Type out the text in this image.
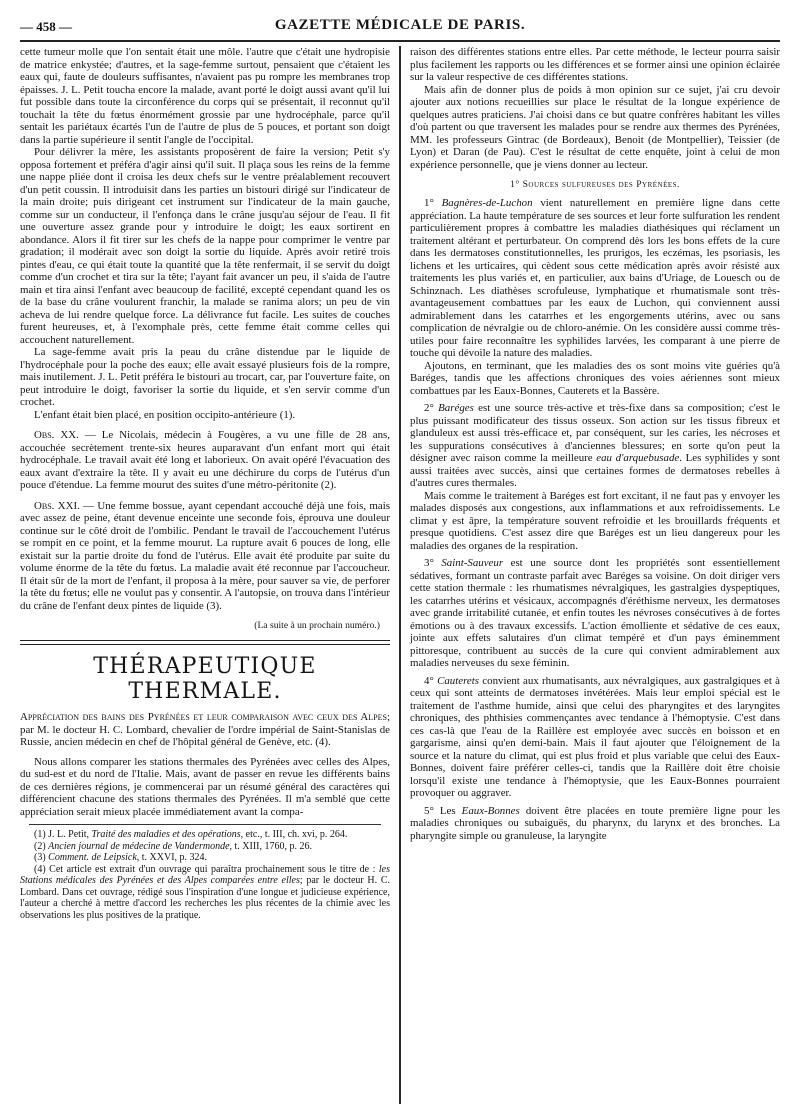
— 458 —	GAZETTE MÉDICALE DE PARIS.

cette tumeur molle que l'on sentait était une môle. l'autre que c'était une hydropisie de matrice enkystée; d'autres, et la sage-femme surtout, pensaient que c'étaient les eaux qui, faute de douleurs suffisantes, n'avaient pas pu rompre les membranes trop épaisses. J. L. Petit toucha encore la malade, avant porté le doigt aussi avant qu'il lui fut possible dans toute la circonférence du corps qui se présentait, il reconnut qu'il touchait la tête du fœtus énormément grossie par une hydrocéphale, parce qu'il sentait les pariétaux écartés l'un de l'autre de plus de 5 pouces, et portant son doigt dans la partie supérieure il sentit l'angle de l'occipital.

Pour délivrer la mère, les assistants proposèrent de faire la version; Petit s'y opposa fortement et préféra d'agir ainsi qu'il suit. Il plaça sous les reins de la femme une nappe pliée dont il croisa les deux chefs sur le ventre préalablement recouvert d'un petit coussin. Il introduisit dans les parties un bistouri dirigé sur l'indicateur de la main droite; puis dirigeant cet instrument sur l'indicateur de la main gauche, comme sur un conducteur, il l'enfonça dans le crâne jusqu'au séjour de l'eau. Il fit une ouverture assez grande pour y introduire le doigt; les eaux sortirent en abondance. Alors il fit tirer sur les chefs de la nappe pour comprimer le ventre par gradation; il modérait avec son doigt la sortie du liquide. Après avoir retiré trois pintes d'eau, ce qui était toute la quantité que la tête renfermait, il se servit du doigt comme d'un crochet et tira sur la tête; l'ayant fait avancer un peu, il s'aida de l'autre main et tira ainsi l'enfant avec beaucoup de facilité, excepté cependant quand les os de la base du crâne voulurent franchir, la malade se ranima alors; un peu de vin acheva de lui rendre quelque force. La délivrance fut facile. Les suites de couches furent heureuses, et, à l'exomphale près, cette femme était comme celles qui accouchent naturellement.

La sage-femme avait pris la peau du crâne distendue par le liquide de l'hydrocéphale pour la poche des eaux; elle avait essayé plusieurs fois de la rompre, mais inutilement. J. L. Petit préféra le bistouri au trocart, car, par l'ouverture faite, on peut introduire le doigt, favoriser la sortie du liquide, et s'en servir comme d'un crochet.

L'enfant était bien placé, en position occipito-antérieure (1).

Obs. XX. — Le Nicolais, médecin à Fougères, a vu une fille de 28 ans, accouchée secrètement trente-six heures auparavant d'un enfant mort qui était hydrocéphale. Le travail avait été long et laborieux. On avait opéré l'évacuation des eaux avant d'extraire la tête. Il y avait eu une déchirure du corps de l'utérus d'un pouce d'étendue. La femme mourut des suites d'une métro-péritonite (2).

Obs. XXI. — Une femme bossue, ayant cependant accouché déjà une fois, mais avec assez de peine, étant devenue enceinte une seconde fois, éprouva une douleur continue sur le côté droit de l'ombilic. Pendant le travail de l'accouchement l'utérus se rompit en ce point, et la femme mourut. La rupture avait 6 pouces de long, elle existait sur la partie droite du fond de l'utérus. Elle avait été produite par suite du volume énorme de la tête du fœtus. La maladie avait été reconnue par l'accoucheur. Il était sûr de la mort de l'enfant, il proposa à la mère, pour sauver sa vie, de perforer la tête du fœtus; elle ne voulut pas y consentir. A l'autopsie, on trouva dans l'intérieur du crâne de l'enfant deux pintes de liquide (3).

(La suite à un prochain numéro.)
THÉRAPEUTIQUE THERMALE.
Appréciation des bains des Pyrénées et leur comparaison avec ceux des Alpes; par M. le docteur H. C. Lombard, chevalier de l'ordre impérial de Saint-Stanislas de Russie, ancien médecin en chef de l'hôpital général de Genève, etc. (4).

Nous allons comparer les stations thermales des Pyrénées avec celles des Alpes, du sud-est et du nord de l'Italie. Mais, avant de passer en revue les différents bains de ces dernières régions, je commencerai par un résumé général des caractères qui différencient chacune des stations thermales des Pyrénées. Il m'a semblé que cette appréciation serait mieux placée immédiatement avant la compa-

(1) J. L. Petit, Traité des maladies et des opérations, etc., t. III, ch. xvi, p. 264.

(2) Ancien journal de médecine de Vandermonde, t. XIII, 1760, p. 26.

(3) Comment. de Leipsick, t. XXVI, p. 324.

(4) Cet article est extrait d'un ouvrage qui paraîtra prochainement sous le titre de : les Stations médicales des Pyrénées et des Alpes comparées entre elles; par le docteur H. C. Lombard. Dans cet ouvrage, rédigé sous l'inspiration d'une longue et judicieuse expérience, l'auteur a cherché à mettre d'accord les recherches les plus récentes de la chimie avec les observations les plus positives de la pratique.

raison des différentes stations entre elles. Par cette méthode, le lecteur pourra saisir plus facilement les rapports ou les différences et se former ainsi une opinion éclairée sur la valeur respective de ces différentes stations.

Mais afin de donner plus de poids à mon opinion sur ce sujet, j'ai cru devoir ajouter aux notions recueillies sur place le résultat de la longue expérience de quelques autres praticiens. J'ai choisi dans ce but quatre confrères habitant les villes d'où partent ou que traversent les malades pour se rendre aux thermes des Pyrénées, MM. les professeurs Gintrac (de Bordeaux), Benoit (de Montpellier), Teissier (de Lyon) et Daran (de Pau). C'est le résultat de cette enquête, joint à celui de mon expérience personnelle, que je viens donner au lecteur.

1° Sources sulfureuses des Pyrénées.

1° Bagnères-de-Luchon vient naturellement en première ligne dans cette appréciation. La haute température de ses sources et leur forte sulfuration les rendent particulièrement propres à combattre les maladies diathésiques qui réclament un traitement altérant et perturbateur. On comprend dès lors les bons effets de la cure dans les dermatoses constitutionnelles, les prurigos, les eczémas, les psoriasis, les lichens et les urticaires, qui cèdent sous cette médication après avoir résisté aux traitements les plus variés et, en particulier, aux bains d'Uriage, de Louesch ou de Schinznach. Les diathèses scrofuleuse, lymphatique et rhumatismale sont très-avantageusement combattues par les eaux de Luchon, qui conviennent aussi admirablement dans les catarrhes et les engorgements utérins, avec ou sans complication de névralgie ou de chloro-anémie. On les considère aussi comme très-utiles pour faire reconnaître les syphilides larvées, les comparant à une pierre de touche qui dévoile la nature des maladies.

Ajoutons, en terminant, que les maladies des os sont moins vite guéries qu'à Baréges, tandis que les affections chroniques des voies aériennes sont mieux combattues par les Eaux-Bonnes, Cauterets et la Bassère.

2° Baréges est une source très-active et très-fixe dans sa composition; c'est le plus puissant modificateur des tissus osseux. Son action sur les tissus fibreux et glanduleux est aussi très-efficace et, par conséquent, sur les caries, les nécroses et les suppurations consécutives à d'anciennes blessures; en sorte qu'on peut la désigner avec raison comme la meilleure eau d'arquebusade. Les syphilides y sont aussi traitées avec succès, ainsi que certaines formes de dermatoses rebelles à d'autres cures thermales.

Mais comme le traitement à Baréges est fort excitant, il ne faut pas y envoyer les malades disposés aux congestions, aux inflammations et aux refroidissements. Le climat y est âpre, la température souvent refroidie et les brouillards fréquents et presque quotidiens. C'est assez dire que Baréges est un lieu dangereux pour les maladies des organes de la respiration.

3° Saint-Sauveur est une source dont les propriétés sont essentiellement sédatives, formant un contraste parfait avec Baréges sa voisine. On doit diriger vers cette station thermale : les rhumatismes névralgiques, les gastralgies dyspeptiques, les catarrhes utérins et vésicaux, accompagnés d'éréthisme nerveux, les dermatoses avec grande irritabilité cutanée, et enfin toutes les névroses consécutives à de fortes émotions ou à des travaux excessifs. L'action émolliente et sédative de ces eaux, jointe aux effets salutaires d'un climat tempéré et d'un pays éminemment pittoresque, contribuent au succès de la cure qui convient admirablement aux maladies nerveuses du sexe féminin.

4° Cauterets convient aux rhumatisants, aux névralgiques, aux gastralgiques et à ceux qui sont atteints de dermatoses invétérées. Mais leur emploi spécial est le traitement de l'asthme humide, ainsi que celui des pharyngites et des laryngites chroniques, des phthisies commençantes avec tendance à l'hémoptysie. C'est dans ces cas-là que l'eau de la Raillère est employée avec succès en boisson et en gargarisme, ainsi qu'en demi-bain. Mais il faut ajouter que l'éloignement de la source et la nature du climat, qui est plus froid et plus variable que celui des Eaux-Bonnes, doivent faire préférer celles-ci, tandis que la Raillère doit être choisie lorsqu'il existe une tendance à l'hémoptysie, que les Eaux-Bonnes pourraient provoquer ou aggraver.

5° Les Eaux-Bonnes doivent être placées en toute première ligne pour les maladies chroniques ou subaiguës, du pharynx, du larynx et des bronches. La pharyngite simple ou granuleuse, la laryngite
